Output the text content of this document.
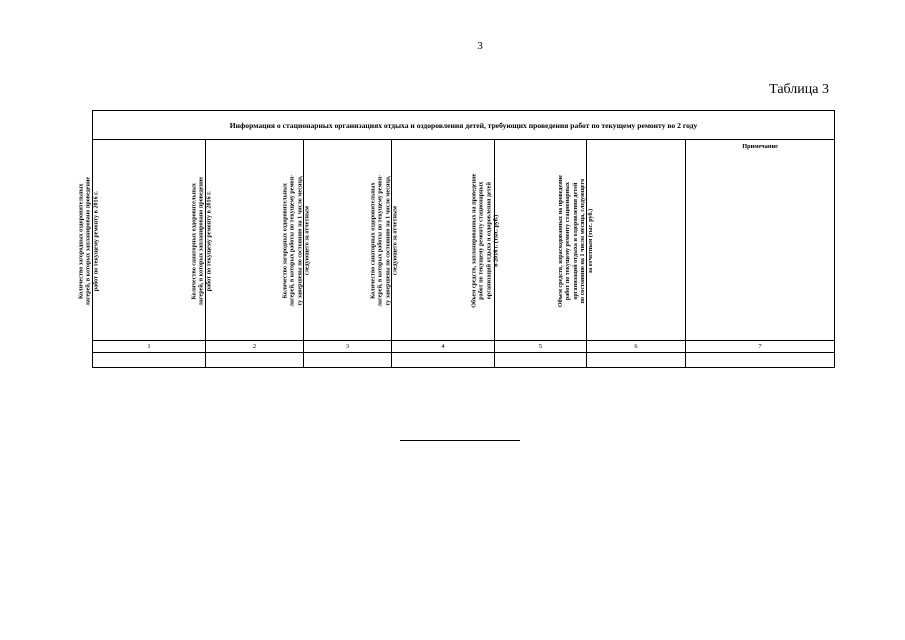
3
Таблица 3
Информация о стационарных организациях отдыха и оздоровления детей, требующих проведения работ по текущему ремонту во 2 году						

Количество загородных оздоровительных
лагерей, в которых запланировано проведение
работ по текущему ремонту в 2016 г.	Количество санаторных оздоровительных
лагерей, в которых запланировано проведение
работ по текущему ремонту в 2016 г.	Количество загородных оздоровительных
лагерей, в которых работы по текущему ремон-
ту завершены по состоянию на 1 число месяца,
следующего за отчетным	Количество санаторных оздоровительных
лагерей, в которых работы по текущему ремон-
ту завершены по состоянию на 1 число месяца,
следующего за отчетным	Объем средств, запланированных на проведение
работ по текущему ремонту стационарных
организаций отдыха и оздоровления детей
в 2016 г. (тыс. руб.)	Объем средств, израсходованных на проведение
работ по текущему ремонту стационарных
организаций отдыха и оздоровления детей
по состоянию на 1 число месяца, следующего
за отчетным (тыс. руб.)	Примечание

1	2	3	4	5	6	7
